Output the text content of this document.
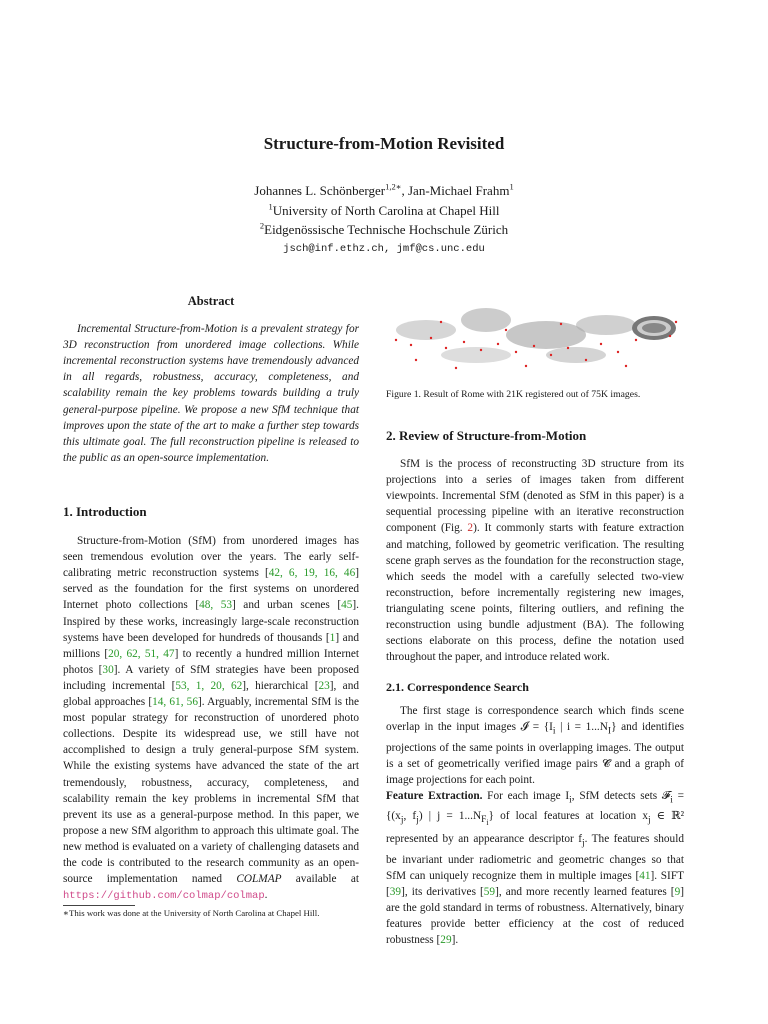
Structure-from-Motion Revisited
Johannes L. Schönberger$^{1,2∗}$, Jan-Michael Frahm$^1$
$^1$University of North Carolina at Chapel Hill
$^2$Eidgenössische Technische Hochschule Zürich
jsch@inf.ethz.ch, jmf@cs.unc.edu
Abstract

Incremental Structure-from-Motion is a prevalent strategy for 3D reconstruction from unordered image collections. While incremental reconstruction systems have tremendously advanced in all regards, robustness, accuracy, completeness, and scalability remain the key problems towards building a truly general-purpose pipeline. We propose a new SfM technique that improves upon the state of the art to make a further step towards this ultimate goal. The full reconstruction pipeline is released to the public as an open-source implementation.

1. Introduction

Structure-from-Motion (SfM) from unordered images has seen tremendous evolution over the years. The early self-calibrating metric reconstruction systems [42, 6, 19, 16, 46] served as the foundation for the first systems on unordered Internet photo collections [48, 53] and urban scenes [45]. Inspired by these works, increasingly large-scale reconstruction systems have been developed for hundreds of thousands [1] and millions [20, 62, 51, 47] to recently a hundred million Internet photos [30]. A variety of SfM strategies have been proposed including incremental [53, 1, 20, 62], hierarchical [23], and global approaches [14, 61, 56]. Arguably, incremental SfM is the most popular strategy for reconstruction of unordered photo collections. Despite its widespread use, we still have not accomplished to design a truly general-purpose SfM system. While the existing systems have advanced the state of the art tremendously, robustness, accuracy, completeness, and scalability remain the key problems in incremental SfM that prevent its use as a general-purpose method. In this paper, we propose a new SfM algorithm to approach this ultimate goal. The new method is evaluated on a variety of challenging datasets and the code is contributed to the research community as an open-source implementation named COLMAP available at https://github.com/colmap/colmap.

∗This work was done at the University of North Carolina at Chapel Hill.
Figure 1. Result of Rome with 21K registered out of 75K images.
2. Review of Structure-from-Motion

SfM is the process of reconstructing 3D structure from its projections into a series of images taken from different viewpoints. Incremental SfM (denoted as SfM in this paper) is a sequential processing pipeline with an iterative reconstruction component (Fig. 2). It commonly starts with feature extraction and matching, followed by geometric verification. The resulting scene graph serves as the foundation for the reconstruction stage, which seeds the model with a carefully selected two-view reconstruction, before incrementally registering new images, triangulating scene points, filtering outliers, and refining the reconstruction using bundle adjustment (BA). The following sections elaborate on this process, define the notation used throughout the paper, and introduce related work.

2.1. Correspondence Search

The first stage is correspondence search which finds scene overlap in the input images 𝓘 = {$I_i$ | $i = 1...N_I$} and identifies projections of the same points in overlapping images. The output is a set of geometrically verified image pairs 𝓒̄ and a graph of image projections for each point.

Feature Extraction. For each image $I_i$, SfM detects sets 𝓕$_i$ = {($x_j$, $f_j$) | $j = 1...N_{F_i}$} of local features at location $x_j$ ∈ ℝ² represented by an appearance descriptor $f_j$. The features should be invariant under radiometric and geometric changes so that SfM can uniquely recognize them in multiple images [41]. SIFT [39], its derivatives [59], and more recently learned features [9] are the gold standard in terms of robustness. Alternatively, binary features provide better efficiency at the cost of reduced robustness [29].
